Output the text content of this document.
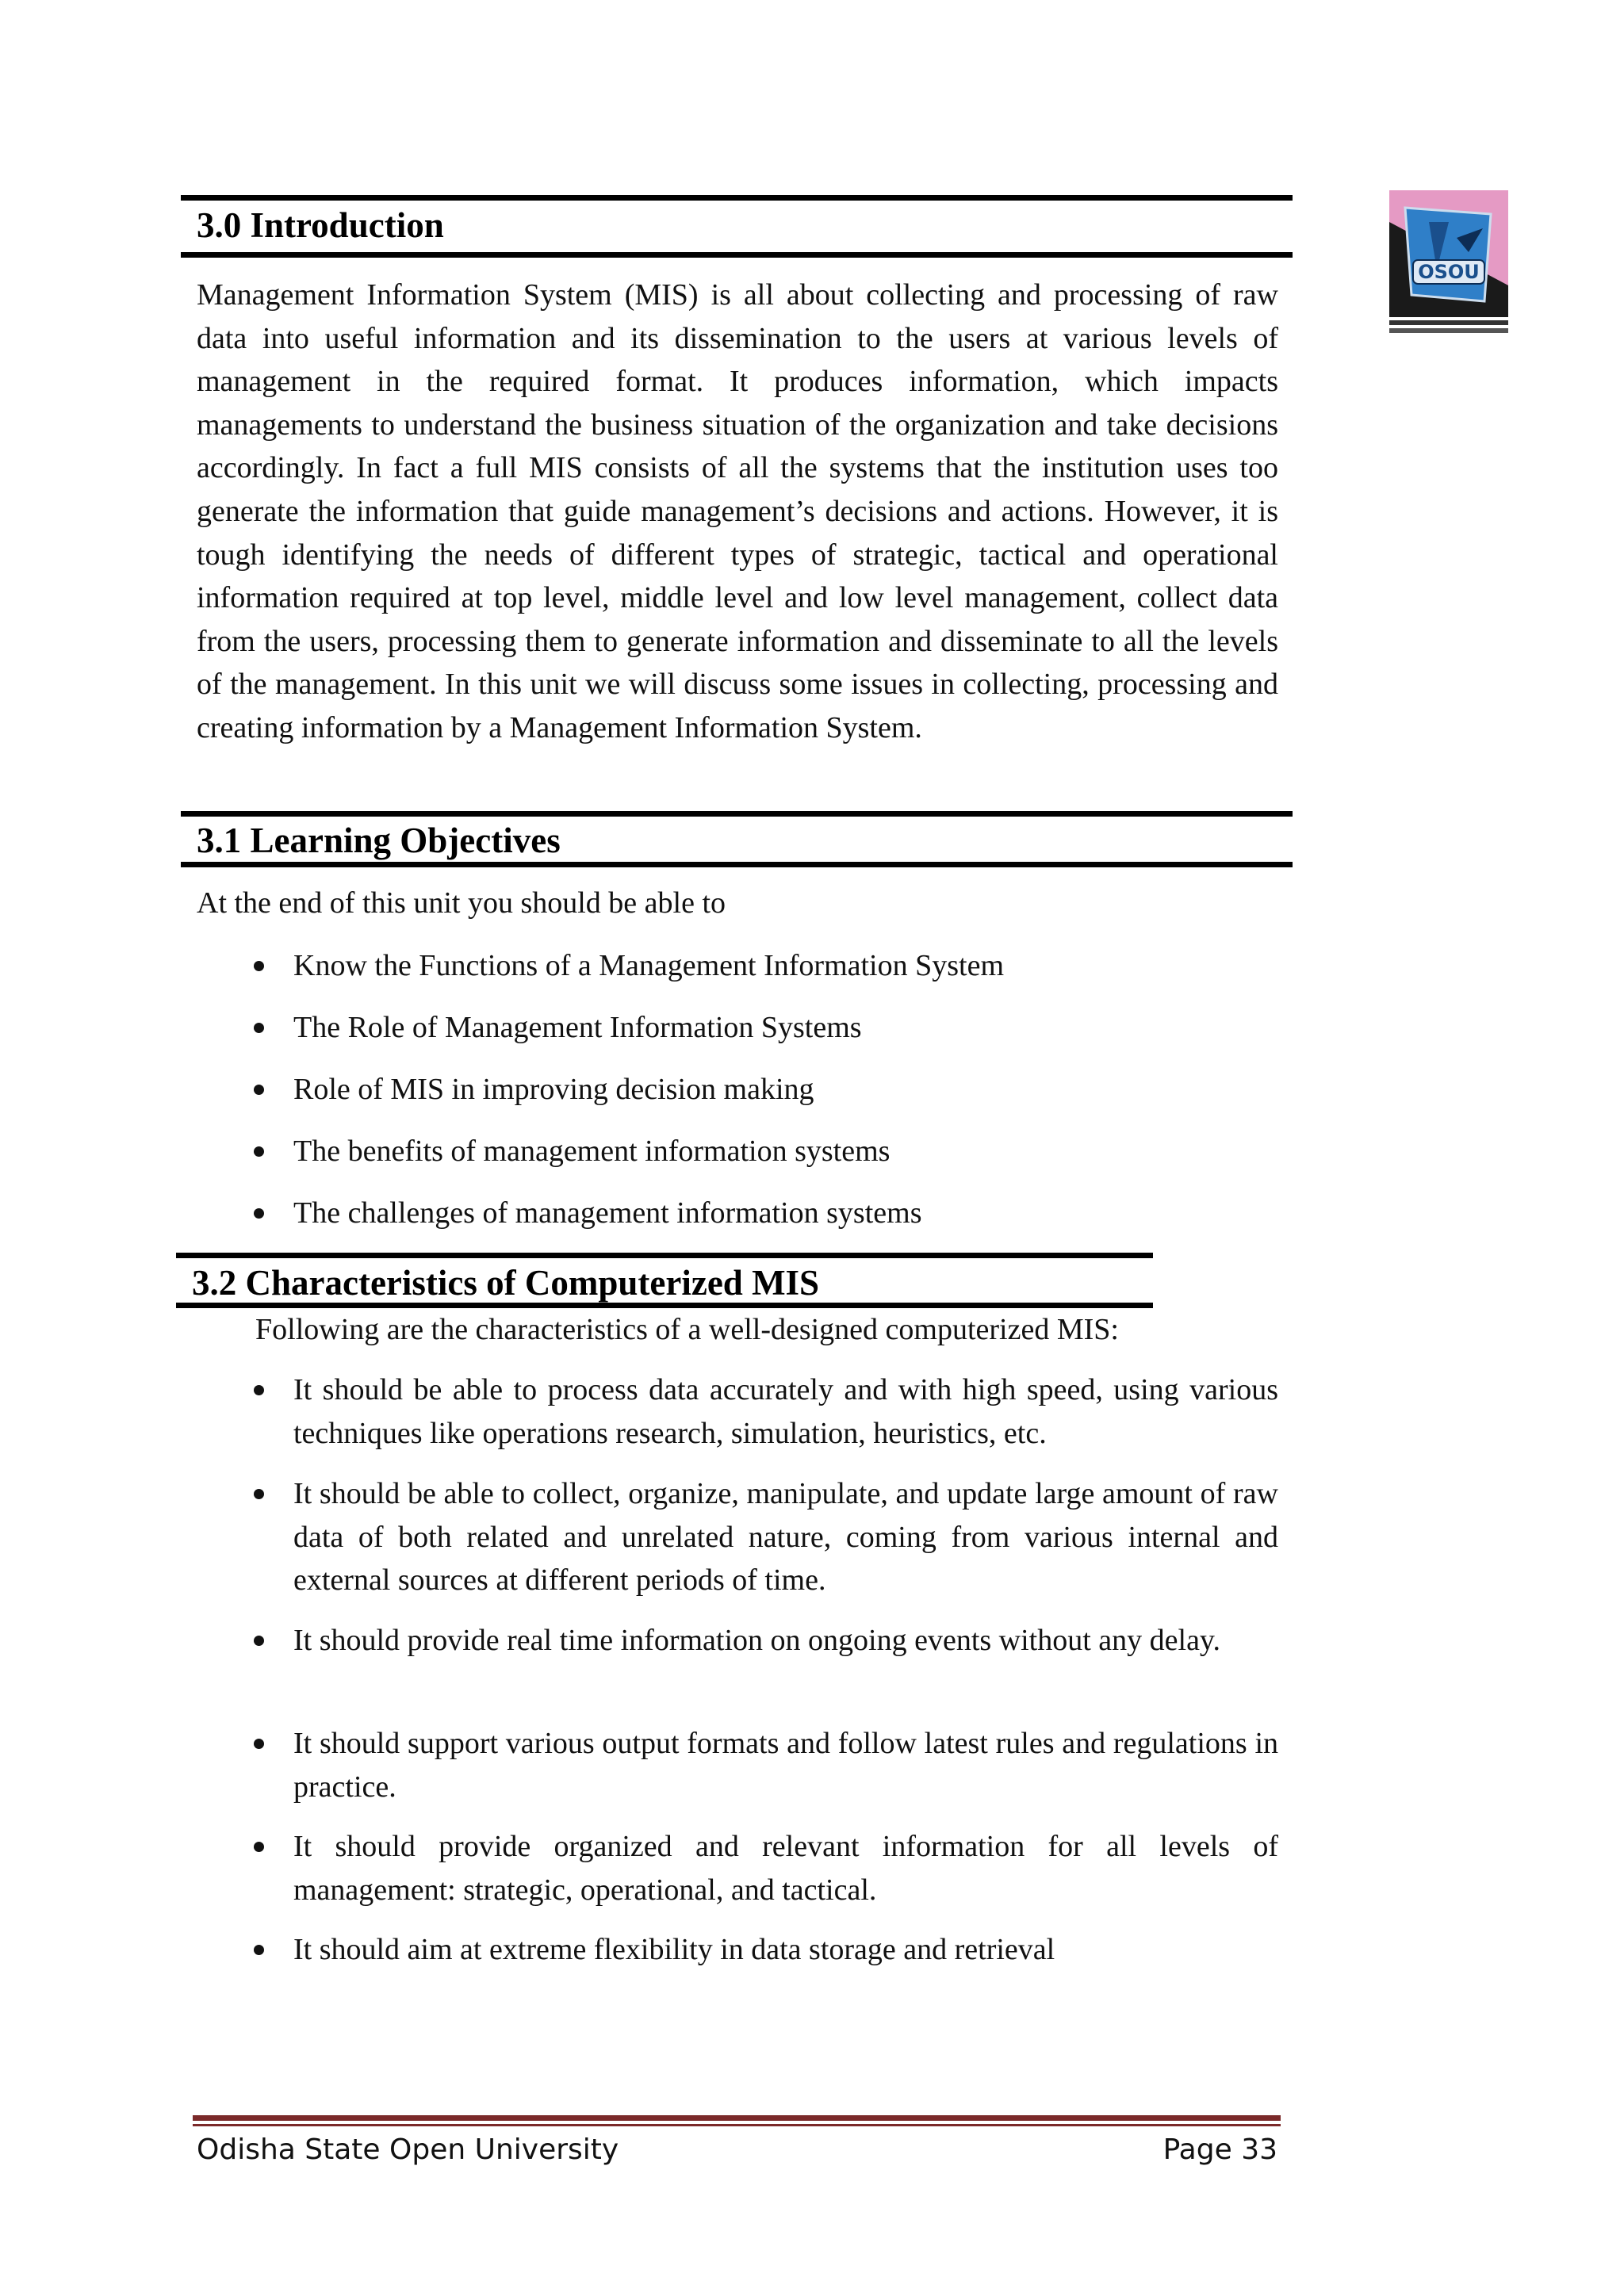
OSOU
3.0 Introduction
Management Information System (MIS) is all about collecting and processing of raw data into useful information and its dissemination to the users at various levels of management in the required format. It produces information, which impacts managements to understand the business situation of the organization and take decisions accordingly. In fact a full MIS consists of all the systems that the institution uses too generate the information that guide management’s decisions and actions. However, it is tough identifying the needs of different types of strategic, tactical and operational information required at top level, middle level and low level management, collect data from the users, processing them to generate information and disseminate to all the levels of the management. In this unit we will discuss some issues in collecting, processing and creating information by a Management Information System.
3.1 Learning Objectives
At the end of this unit you should be able to
Know the Functions of a Management Information System
The Role of Management Information Systems
Role of MIS in improving decision making
The benefits of management information systems
The challenges of management information systems
3.2 Characteristics of Computerized MIS
Following are the characteristics of a well-designed computerized MIS:
It should be able to process data accurately and with high speed, using various techniques like operations research, simulation, heuristics, etc.
It should be able to collect, organize, manipulate, and update large amount of raw data of both related and unrelated nature, coming from various internal and external sources at different periods of time.
It should provide real time information on ongoing events without any delay.
It should support various output formats and follow latest rules and regulations in practice.
It should provide organized and relevant information for all levels of management: strategic, operational, and tactical.
It should aim at extreme flexibility in data storage and retrieval
Odisha State Open University	Page 33
